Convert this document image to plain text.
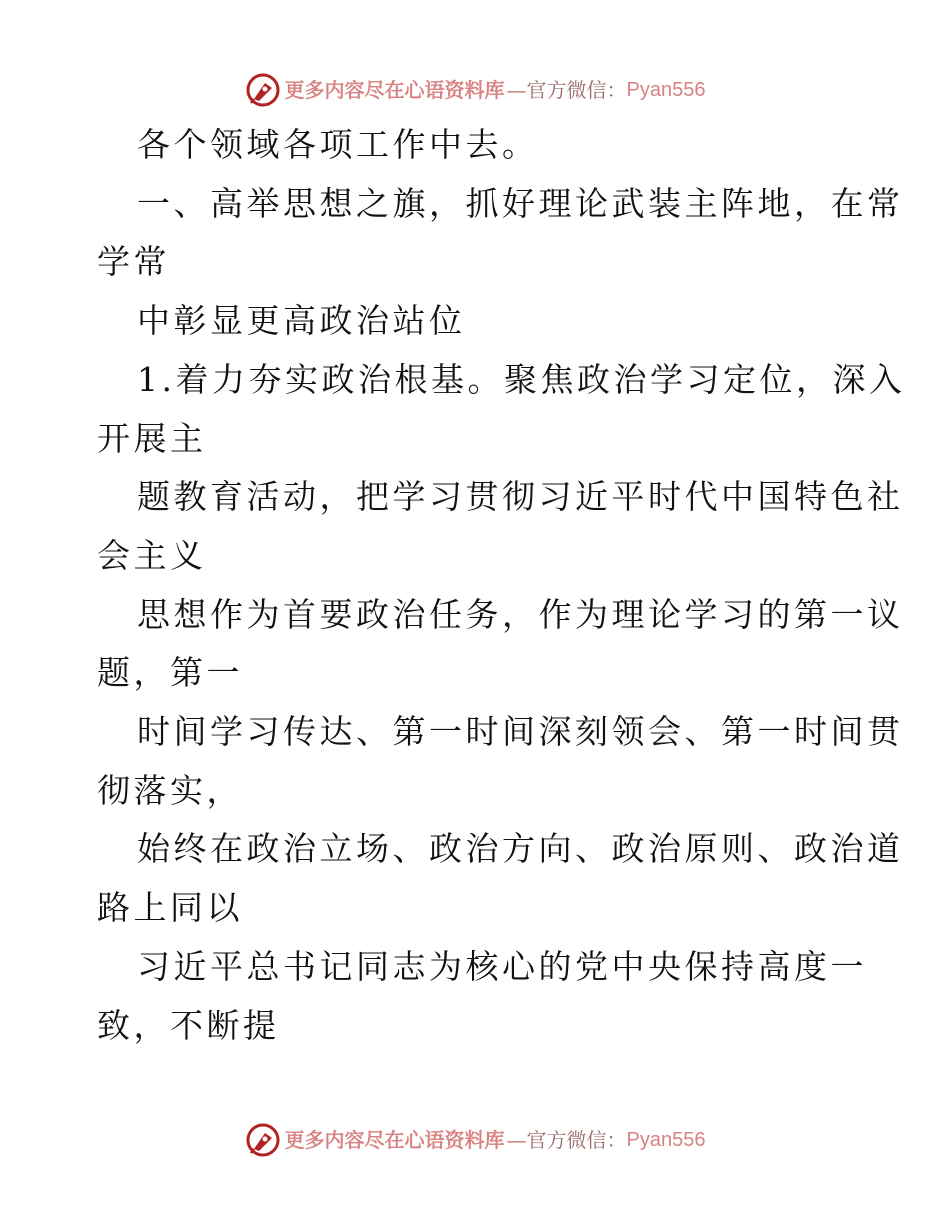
更多内容尽在心语资料库 — 官方微信： Pyan556

各个领域各项工作中去。

一、高举思想之旗，抓好理论武装主阵地，在常

学常

中彰显更高政治站位

1.着力夯实政治根基。聚焦政治学习定位，深入

开展主

题教育活动，把学习贯彻习近平时代中国特色社

会主义

思想作为首要政治任务，作为理论学习的第一议

题，第一

时间学习传达、第一时间深刻领会、第一时间贯

彻落实，

始终在政治立场、政治方向、政治原则、政治道

路上同以

习近平总书记同志为核心的党中央保持高度一

致，不断提

更多内容尽在心语资料库 — 官方微信： Pyan556
